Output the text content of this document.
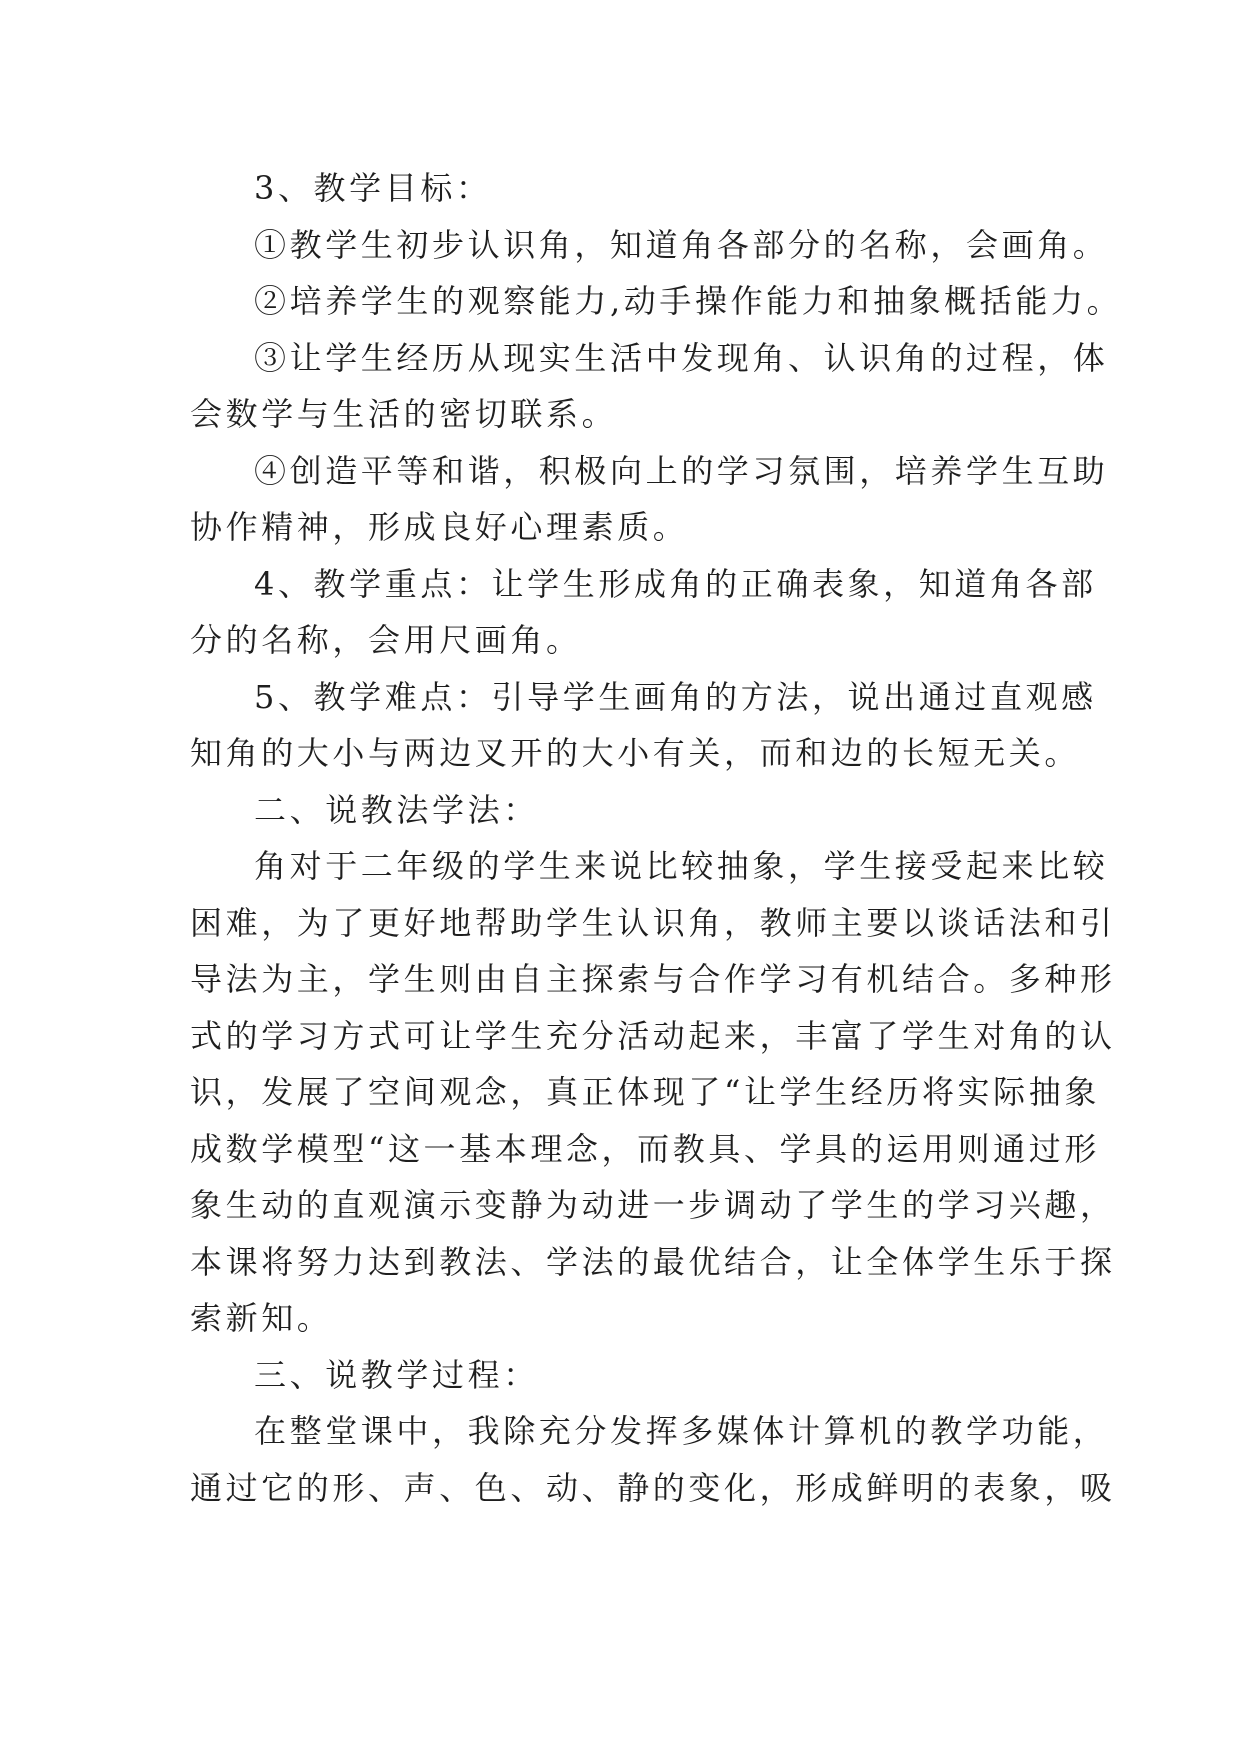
3、教学目标：
①教学生初步认识角，知道角各部分的名称，会画角。
②培养学生的观察能力,动手操作能力和抽象概括能力。
③让学生经历从现实生活中发现角、认识角的过程，体
会数学与生活的密切联系。
④创造平等和谐，积极向上的学习氛围，培养学生互助
协作精神，形成良好心理素质。
4、教学重点：让学生形成角的正确表象，知道角各部
分的名称，会用尺画角。
5、教学难点：引导学生画角的方法，说出通过直观感
知角的大小与两边叉开的大小有关，而和边的长短无关。
二、说教法学法：
角对于二年级的学生来说比较抽象，学生接受起来比较
困难，为了更好地帮助学生认识角，教师主要以谈话法和引
导法为主，学生则由自主探索与合作学习有机结合。多种形
式的学习方式可让学生充分活动起来，丰富了学生对角的认
识，发展了空间观念，真正体现了“让学生经历将实际抽象
成数学模型“这一基本理念，而教具、学具的运用则通过形
象生动的直观演示变静为动进一步调动了学生的学习兴趣，
本课将努力达到教法、学法的最优结合，让全体学生乐于探
索新知。
三、说教学过程：
在整堂课中，我除充分发挥多媒体计算机的教学功能，
通过它的形、声、色、动、静的变化，形成鲜明的表象，吸
